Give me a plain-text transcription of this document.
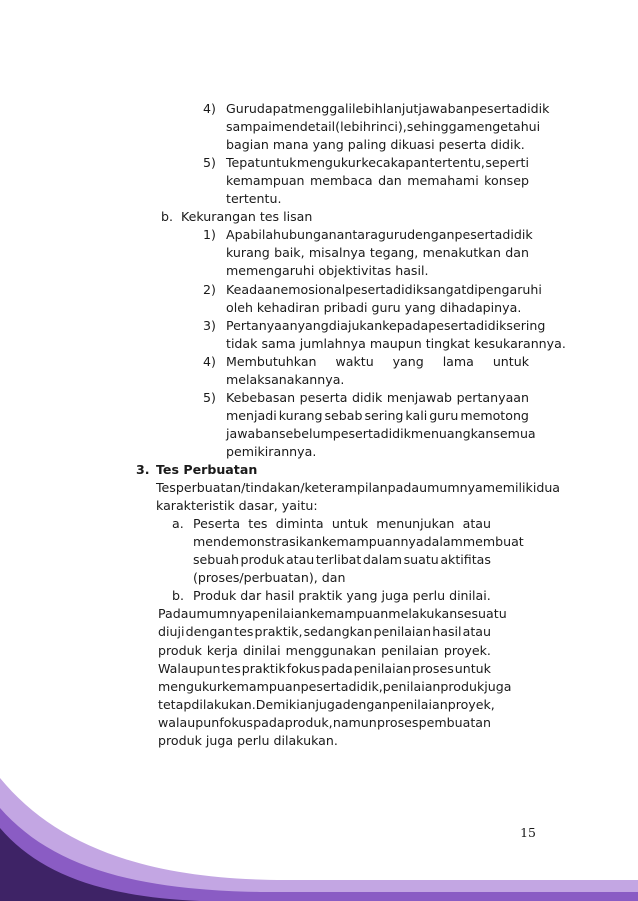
4) Guru dapat menggali lebih lanjut jawaban peserta didik
sampai mendetail (lebih rinci), sehingga mengetahui
bagian mana yang paling dikuasi peserta didik.
5) Tepat untuk mengukur kecakapan tertentu, seperti
kemampuan membaca dan memahami konsep
tertentu.
b. Kekurangan tes lisan
1) Apabila hubungan antara guru dengan peserta didik
kurang baik, misalnya tegang, menakutkan dan
memengaruhi objektivitas hasil.
2) Keadaan emosional peserta didik sangat dipengaruhi
oleh kehadiran pribadi guru yang dihadapinya.
3) Pertanyaan yang diajukan kepada peserta didik sering
tidak sama jumlahnya maupun tingkat kesukarannya.
4) Membutuhkan waktu yang lama untuk
melaksanakannya.
5) Kebebasan peserta didik menjawab pertanyaan
menjadi kurang sebab sering kali guru memotong
jawaban sebelum peserta didik menuangkan semua
pemikirannya.
3. Tes Perbuatan
Tes perbuatan/tindakan/keterampilan pada umumnya memiliki dua
karakteristik dasar, yaitu:
a. Peserta tes diminta untuk menunjukan atau
mendemonstrasikan kemampuannya dalam membuat
sebuah produk atau terlibat dalam suatu aktifitas
(proses/perbuatan), dan
b. Produk dar hasil praktik yang juga perlu dinilai.
Pada umumnya penilaian kemampuan melakukan sesuatu
diuji dengan tes praktik, sedangkan penilaian hasil atau
produk kerja dinilai menggunakan penilaian proyek.
Walaupun tes praktik fokus pada penilaian proses untuk
mengukur kemampuan peserta didik, penilaian produk juga
tetap dilakukan. Demikian juga dengan penilaian proyek,
walaupun fokus pada produk, namun proses pembuatan
produk juga perlu dilakukan.
15
